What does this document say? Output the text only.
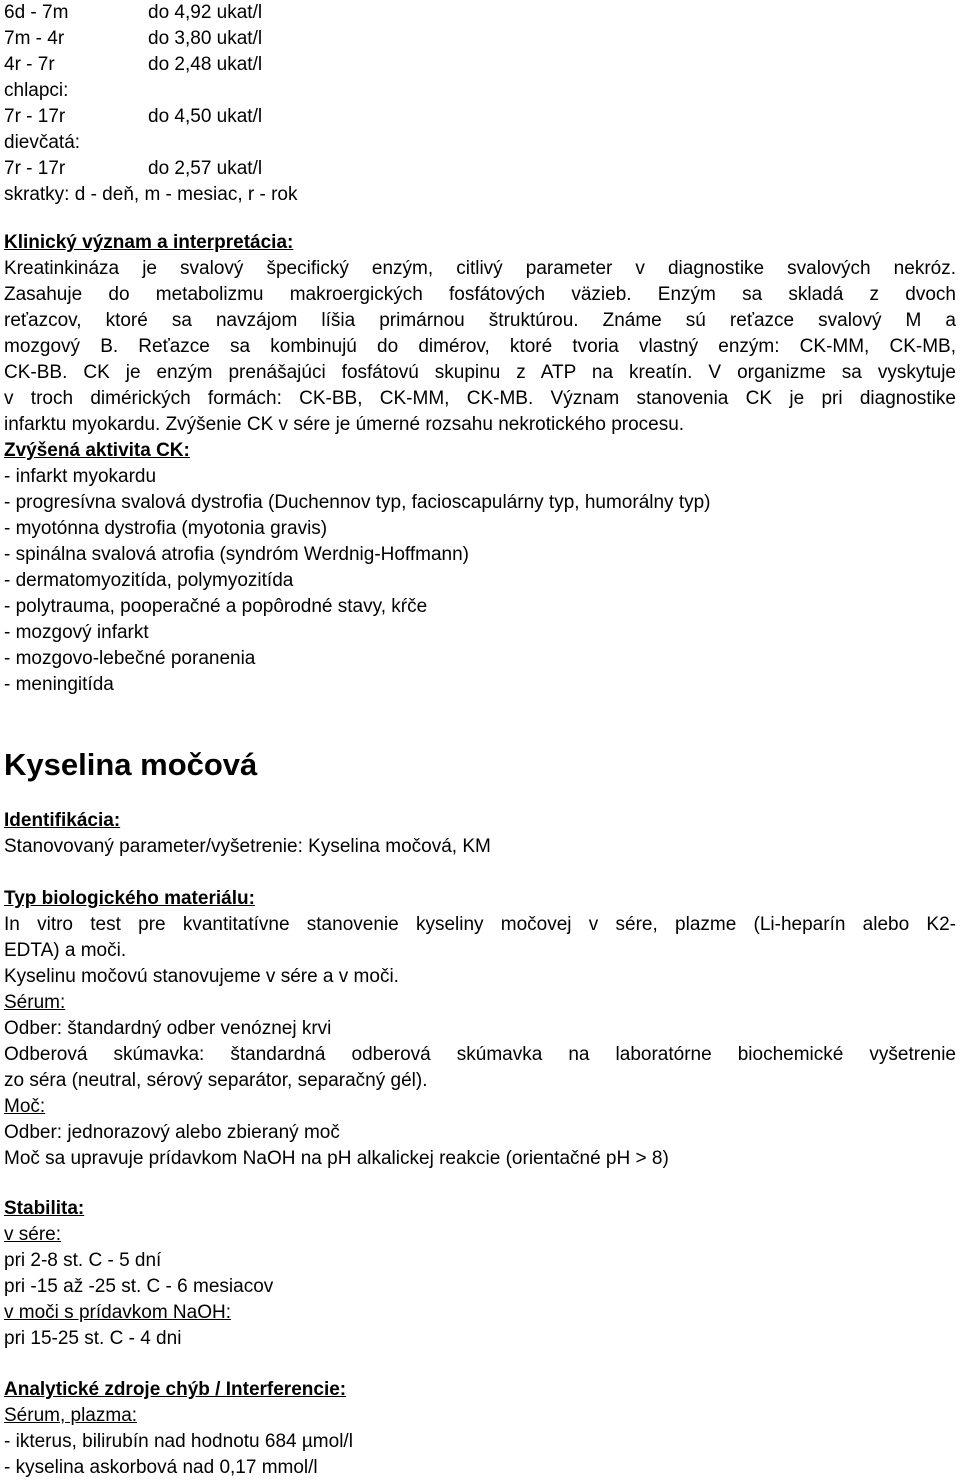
6d - 7m	do 4,92 ukat/l
7m - 4r	do 3,80 ukat/l
4r - 7r	do 2,48 ukat/l
chlapci:
7r - 17r	do 4,50 ukat/l
dievčatá:
7r - 17r	do 2,57 ukat/l
skratky: d - deň, m - mesiac, r - rok
Klinický význam a interpretácia:
Kreatinkináza je svalový špecifický enzým, citlivý parameter v diagnostike svalových nekróz.
Zasahuje do metabolizmu makroergických fosfátových väzieb. Enzým sa skladá z dvoch
reťazcov, ktoré sa navzájom líšia primárnou štruktúrou. Známe sú reťazce svalový M a
mozgový B. Reťazce sa kombinujú do dimérov, ktoré tvoria vlastný enzým: CK-MM, CK-MB,
CK-BB. CK je enzým prenášajúci fosfátovú skupinu z ATP na kreatín. V organizme sa vyskytuje
v troch dimérických formách: CK-BB, CK-MM, CK-MB. Význam stanovenia CK je pri diagnostike
infarktu myokardu. Zvýšenie CK v sére je úmerné rozsahu nekrotického procesu.
Zvýšená aktivita CK:
- infarkt myokardu
- progresívna svalová dystrofia (Duchennov typ, facioscapulárny typ, humorálny typ)
- myotónna dystrofia (myotonia gravis)
- spinálna svalová atrofia (syndróm Werdnig-Hoffmann)
- dermatomyozitída, polymyozitída
- polytrauma, pooperačné a popôrodné stavy, kŕče
- mozgový infarkt
- mozgovo-lebečné poranenia
- meningitída
Kyselina močová
Identifikácia:
Stanovovaný parameter/vyšetrenie: Kyselina močová, KM
Typ biologického materiálu:
In vitro test pre kvantitatívne stanovenie kyseliny močovej v sére, plazme (Li-heparín alebo K2-
EDTA) a moči.
Kyselinu močovú stanovujeme v sére a v moči.
Sérum:
Odber: štandardný odber venóznej krvi
Odberová skúmavka: štandardná odberová skúmavka na laboratórne biochemické vyšetrenie
zo séra (neutral, sérový separátor, separačný gél).
Moč:
Odber: jednorazový alebo zbieraný moč
Moč sa upravuje prídavkom NaOH na pH alkalickej reakcie (orientačné pH > 8)
Stabilita:
v sére:
pri 2-8 st. C - 5 dní
pri -15 až -25 st. C - 6 mesiacov
v moči s prídavkom NaOH:
pri 15-25 st. C - 4 dni
Analytické zdroje chýb / Interferencie:
Sérum, plazma:
- ikterus, bilirubín nad hodnotu 684 µmol/l
- kyselina askorbová nad 0,17 mmol/l
